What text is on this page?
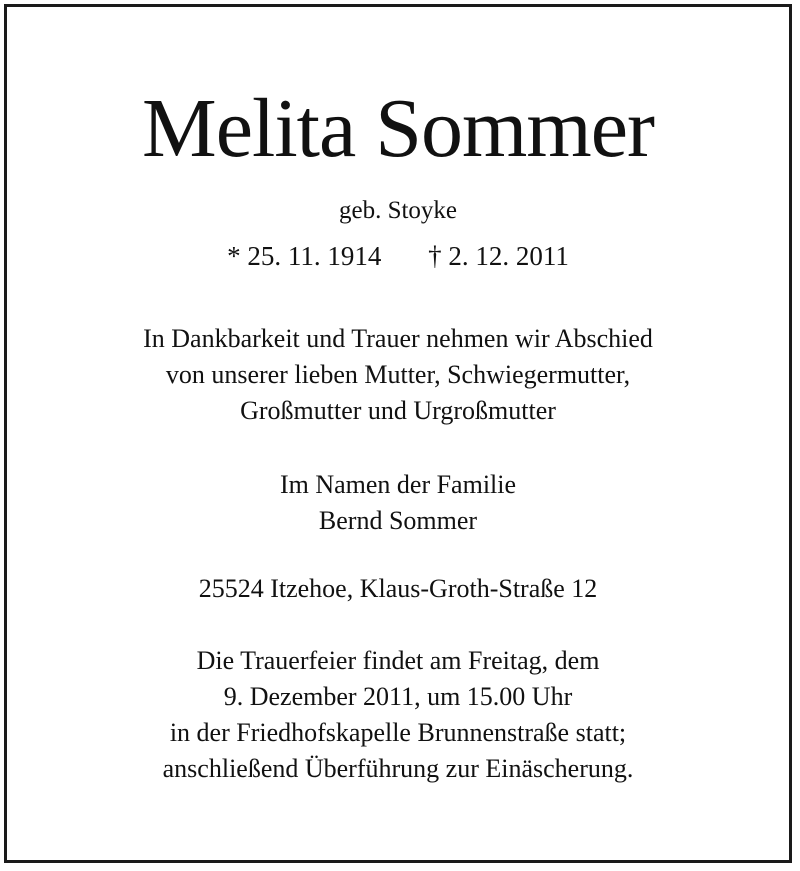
Melita Sommer
geb. Stoyke
* 25. 11. 1914 † 2. 12. 2011
In Dankbarkeit und Trauer nehmen wir Abschied
von unserer lieben Mutter, Schwiegermutter,
Großmutter und Urgroßmutter
Im Namen der Familie
Bernd Sommer
25524 Itzehoe, Klaus-Groth-Straße 12
Die Trauerfeier findet am Freitag, dem
9. Dezember 2011, um 15.00 Uhr
in der Friedhofskapelle Brunnenstraße statt;
anschließend Überführung zur Einäscherung.
